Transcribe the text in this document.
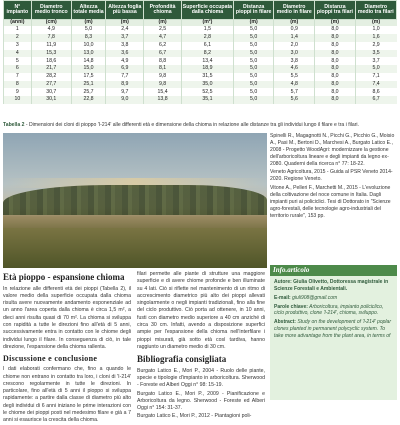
N° impianto	Diametro medio tronco	Altezza totale media	Altezza foglia più bassa	Profondità chioma	Superficie occupata dalla chioma	Distanza pioppi in filare	Diametro medio in filare	Distanza pioppi tra filari	Diametro medio tra filari
(anni)	(cm)	(m)	(m)	(m)	(m²)	(m)	(m)	(m)	(m)
1	4,9	5,0	2,4	2,5	1,5	5,0	0,9	8,0	1,0
2	7,8	8,3	3,7	4,7	2,8	5,0	1,4	8,0	1,6
3	11,9	10,0	3,8	6,2	6,1	5,0	2,0	8,0	2,9
4	15,3	13,0	3,6	6,7	8,2	5,0	3,0	8,0	3,5
5	18,6	14,8	4,9	8,8	13,4	5,0	3,8	8,0	3,7
6	21,7	15,0	6,9	8,1	18,9	5,0	4,6	8,0	5,0
7	28,2	17,5	7,7	9,8	31,5	5,0	5,5	8,0	7,1
8	27,7	25,1	8,9	9,8	35,0	5,0	4,8	8,0	7,4
9	30,7	25,7	9,7	15,4	52,5	5,0	5,7	8,0	8,6
10	30,1	22,8	9,0	13,8	35,1	5,0	5,6	8,0	6,7
Tabella 2 - Dimensioni dei cloni di pioppo 'I-214' alle differenti età e dimensione della chioma in relazione alle distanze tra gli individui lungo il filare e tra i filari.

Spinelli R., Magagnotti N., Picchi G., Picchio G., Moisio A., Pasi M., Bertoni D., Marchesi A., Burgato Latico E., 2008 - Progetto WoodAgri: modernizzare la gestione dell'arboricoltura lineare e degli impianti da legno ex-2080. Quaderni della ricerca n° 77: 18-22.

Veneto Agricoltura, 2015 - Guida al PSR Veneto 2014-2020. Regione Veneto.

Vitone A., Pelleri F., Marchetti M., 2015 - L'evoluzione della coltivazione del noce comune in Italia. Dagli impianti puri ai policiclici. Tesi di Dottorato in "Scienze agro-forestali, delle tecnologie agro-industriali del territorio rurale", 153 pp.

Età pioppo - espansione chioma

In relazione alle differenti età dei pioppi (Tabella 2), il valore medio della superficie occupata dalla chioma risulta avere nuovamente andamento esponenziale ad un anno l'area coperta dalla chioma è circa 1,5 m², a dieci anni risulta quasi di 70 m². La chioma si sviluppa con rapidità a tutte le direzioni fino all'età di 5 anni, successivamente entra in contatto con le chiome degli individui lungo il filare. In conseguenza di ciò, in tale direzione, l'espansione della chioma rallenta.

Discussione e conclusione

I dati elaborati confermano che, fino a quando le chiome non entrano in contatto tra loro, i cloni di 'I-214' crescono regolarmente in tutte le direzioni. In particolare, fino all'età di 5 anni il pioppo si sviluppa rapidamente: a partire dalla classe di diametro più alto degli individui di 6 anni iniziano le prime interazioni con le chiome dei pioppi posti nel medesimo filare e già a 7 anni si esaurisce la crescita della chioma.

filari permette alle piante di strutture una maggiore superficie e di avere chiome profonde e ben illuminate su 4 lati. Ciò si riflette nel mantenimento di un ritmo di accrescimento diametrico più alto dei pioppi allevati singolarmente o negli impianti tradizionali, fino alla fine del ciclo produttivo. Ciò porta ad ottenere, in 10 anni, fusti con diametro medio superiore a 40 cm anziché di circa 30 cm. Infatti, avendo a disposizione superfici ampie per l'espansione della chioma nell'interfilare i pioppi misurati, già sotto età così tardiva, hanno raggiunto un diametro medio di 30 cm.

Bibliografia consigliata

Burgato Latico E., Mori P., 2004 - Ruolo delle piante, specie e tipologie d'impianto in arboricoltura. Sherwood - Foreste ed Alberi Oggi n° 98: 15-19.

Burgato Latico E., Mori P., 2009 - Pianificazione e Arboricoltura da legno. Sherwood - Foreste ed Alberi Oggi n° 154: 31-37.

Burgato Latico E., Mori P., 2012 - Piantagioni poli-

Info.articolo

Autore: Giulia Olivetto, Dottoressa magistrale in Scienze Forestali e Ambientali.

E-mail: giuli908@gmail.com

Parole chiave: Arboricoltura, impianto policiclico, ciclo produttivo, clone 'I-214', chioma, sviluppo.

Abstract: Study on the development of 'I-214' poplar clones planted in permanent polycyclic system. To take more advantage from the plant area, in terms of
